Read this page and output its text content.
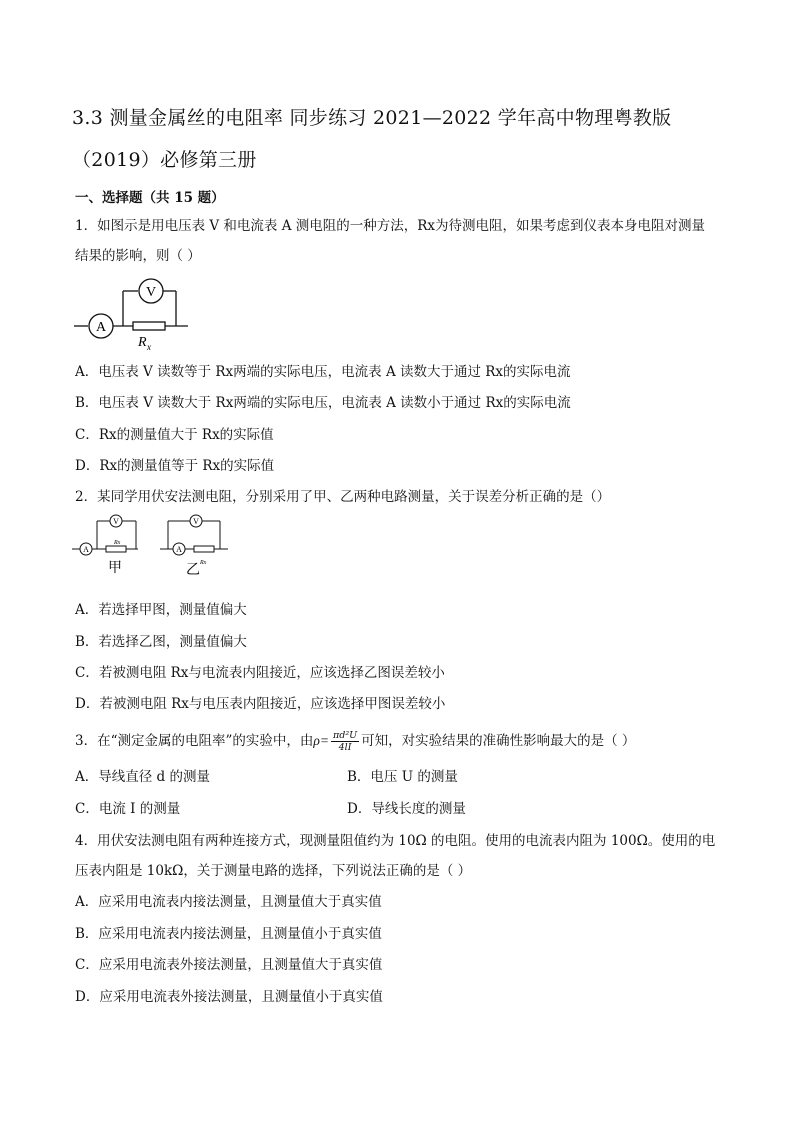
3.3 测量金属丝的电阻率 同步练习 2021—2022 学年高中物理粤教版
（2019）必修第三册
一、选择题（共 15 题）
1．如图示是用电压表 V 和电流表 A 测电阻的一种方法，Rx为待测电阻，如果考虑到仪表本身电阻对测量
结果的影响，则（ ）
A
V
R x
A．电压表 V 读数等于 Rx两端的实际电压，电流表 A 读数大于通过 Rx的实际电流
B．电压表 V 读数大于 Rx两端的实际电压，电流表 A 读数小于通过 Rx的实际电流
C．Rx的测量值大于 Rx的实际值
D．Rx的测量值等于 Rx的实际值
2．某同学用伏安法测电阻，分别采用了甲、乙两种电路测量，关于误差分析正确的是（）
A
V
Rx
甲
V
A
Rx
乙
A．若选择甲图，测量值偏大
B．若选择乙图，测量值偏大
C．若被测电阻 Rx与电流表内阻接近，应该选择乙图误差较小
D．若被测电阻 Rx与电压表内阻接近，应该选择甲图误差较小
3．在“测定金属的电阻率”的实验中，由$\rho= \frac{\text{πd²U}}{4lI}$ 可知，对实验结果的准确性影响最大的是（ ）
A．导线直径 d 的测量	B．电压 U 的测量
C．电流 I 的测量	D．导线长度的测量
4．用伏安法测电阻有两种连接方式，现测量阻值约为 10Ω 的电阻。使用的电流表内阻为 100Ω。使用的电
压表内阻是 10kΩ，关于测量电路的选择，下列说法正确的是（ ）
A．应采用电流表内接法测量，且测量值大于真实值
B．应采用电流表内接法测量，且测量值小于真实值
C．应采用电流表外接法测量，且测量值大于真实值
D．应采用电流表外接法测量，且测量值小于真实值
